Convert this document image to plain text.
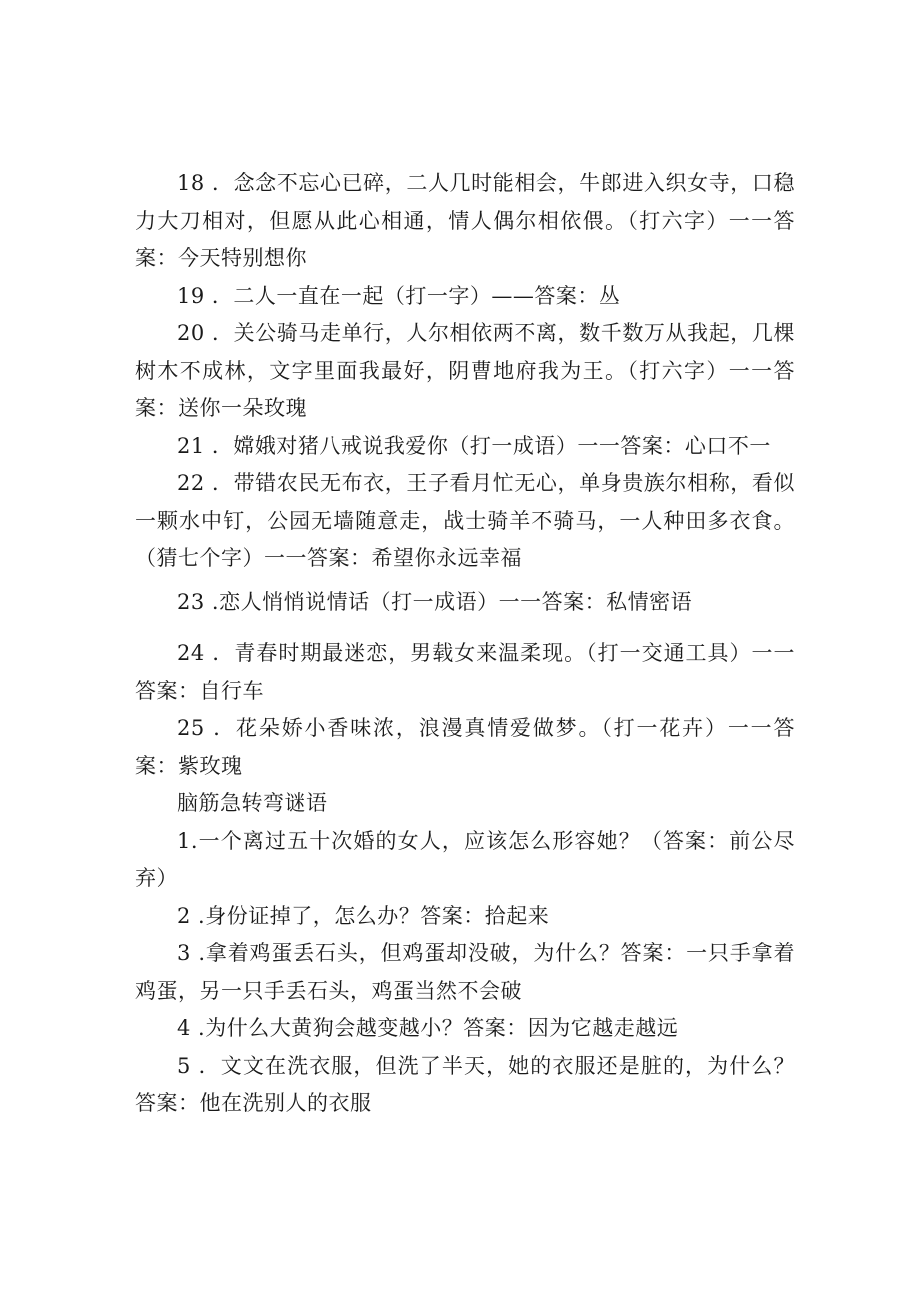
18 ．念念不忘心已碎，二人几时能相会，牛郎进入织女寺，口稳力大刀相对，但愿从此心相通，情人偶尔相依偎。（打六字）一一答案：今天特别想你

19 ．二人一直在一起（打一字）——答案：丛

20 ．关公骑马走单行，人尔相依两不离，数千数万从我起，几棵树木不成林，文字里面我最好，阴曹地府我为王。（打六字）一一答案：送你一朵玫瑰

21 ．嫦娥对猪八戒说我爱你（打一成语）一一答案：心口不一

22 ．带错农民无布衣，王子看月忙无心，单身贵族尔相称，看似一颗水中钉，公园无墙随意走，战士骑羊不骑马，一人种田多衣食。（猜七个字）一一答案：希望你永远幸福

23 .恋人悄悄说情话（打一成语）一一答案：私情密语

24 ．青春时期最迷恋，男载女来温柔现。（打一交通工具）一一答案：自行车

25 ．花朵娇小香味浓，浪漫真情爱做梦。（打一花卉）一一答案：紫玫瑰

脑筋急转弯谜语

1.一个离过五十次婚的女人，应该怎么形容她？（答案：前公尽弃）

2 .身份证掉了，怎么办？答案：拾起来

3 .拿着鸡蛋丢石头，但鸡蛋却没破，为什么？答案：一只手拿着鸡蛋，另一只手丢石头，鸡蛋当然不会破

4 .为什么大黄狗会越变越小？答案：因为它越走越远

5 ．文文在洗衣服，但洗了半天，她的衣服还是脏的，为什么？答案：他在洗别人的衣服
